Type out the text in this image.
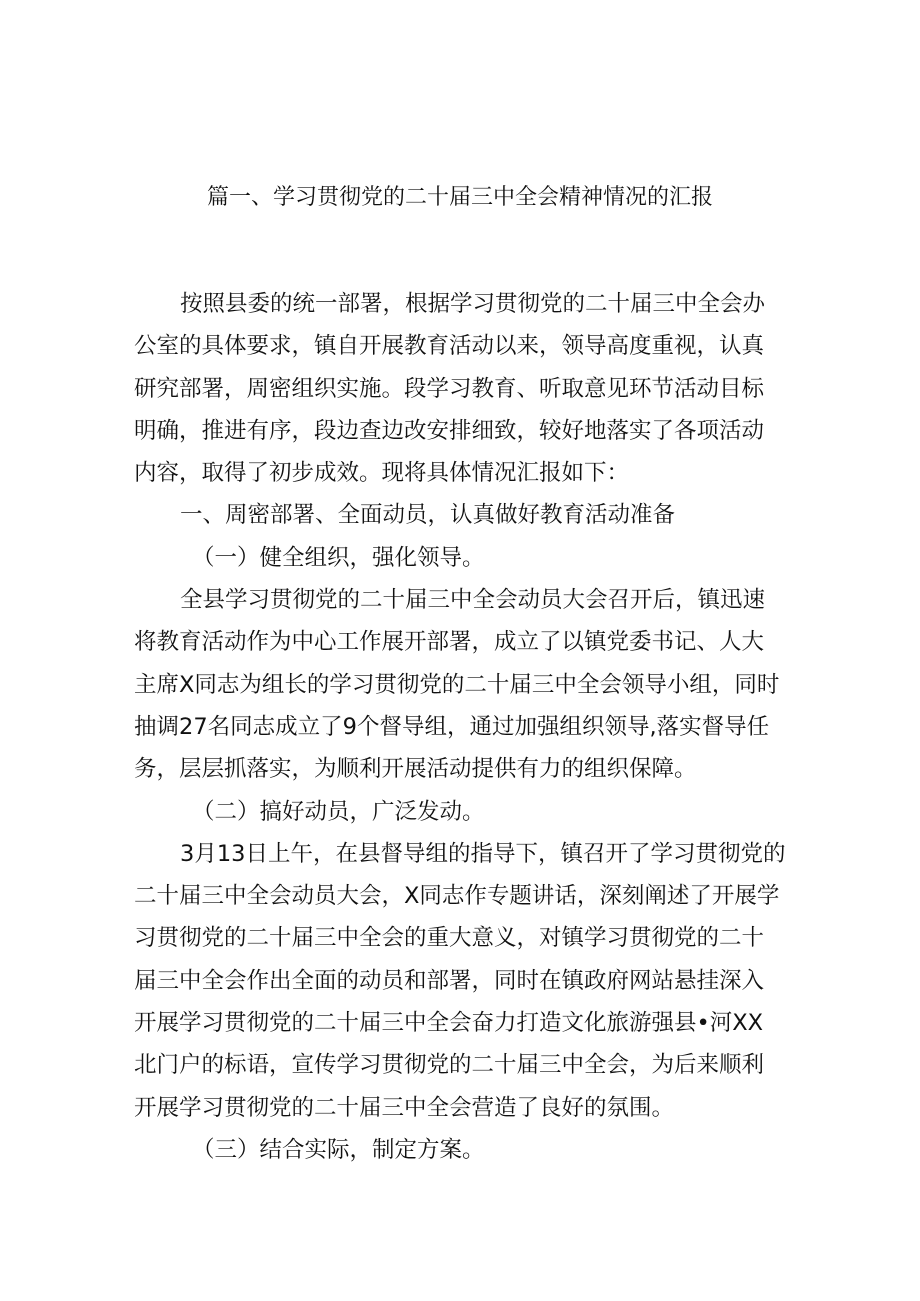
篇一、学习贯彻党的二十届三中全会精神情况的汇报
按照县委的统一部署，根据学习贯彻党的二十届三中全会办
公室的具体要求，镇自开展教育活动以来，领导高度重视，认真
研究部署，周密组织实施。段学习教育、听取意见环节活动目标
明确，推进有序，段边查边改安排细致，较好地落实了各项活动
内容，取得了初步成效。现将具体情况汇报如下：
一、周密部署、全面动员，认真做好教育活动准备
（一）健全组织，强化领导。
全县学习贯彻党的二十届三中全会动员大会召开后，镇迅速
将教育活动作为中心工作展开部署，成立了以镇党委书记、人大
主席X同志为组长的学习贯彻党的二十届三中全会领导小组，同时
抽调27名同志成立了9个督导组，通过加强组织领导,落实督导任
务，层层抓落实，为顺利开展活动提供有力的组织保障。
（二）搞好动员，广泛发动。
3月13日上午，在县督导组的指导下，镇召开了学习贯彻党的
二十届三中全会动员大会，X同志作专题讲话，深刻阐述了开展学
习贯彻党的二十届三中全会的重大意义，对镇学习贯彻党的二十
届三中全会作出全面的动员和部署，同时在镇政府网站悬挂深入
开展学习贯彻党的二十届三中全会奋力打造文化旅游强县•河XX
北门户的标语，宣传学习贯彻党的二十届三中全会，为后来顺利
开展学习贯彻党的二十届三中全会营造了良好的氛围。
（三）结合实际，制定方案。
